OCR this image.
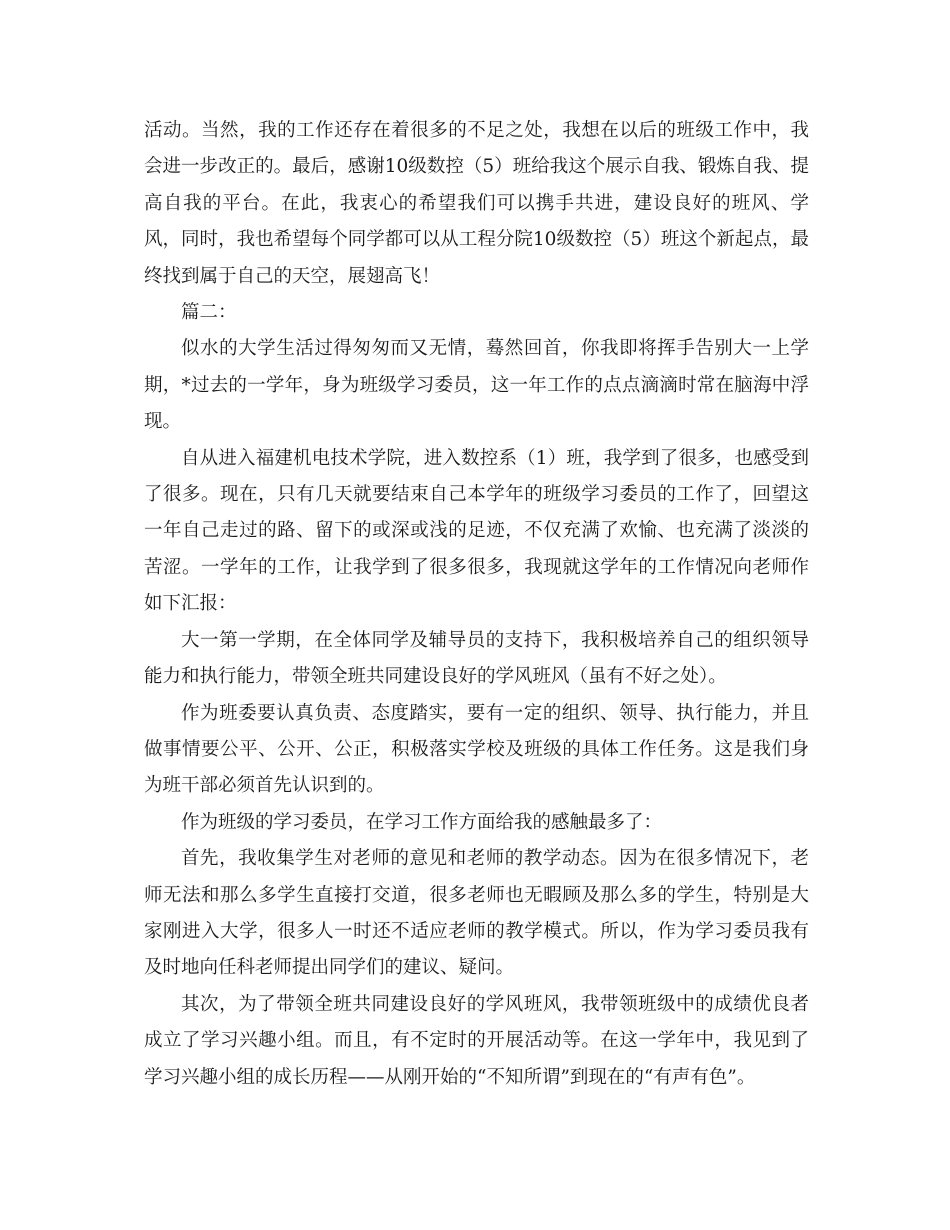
活动。当然，我的工作还存在着很多的不足之处，我想在以后的班级工作中，我会进一步改正的。最后，感谢10级数控（5）班给我这个展示自我、锻炼自我、提高自我的平台。在此，我衷心的希望我们可以携手共进，建设良好的班风、学风，同时，我也希望每个同学都可以从工程分院10级数控（5）班这个新起点，最终找到属于自己的天空，展翅高飞！

篇二：

似水的大学生活过得匆匆而又无情，蓦然回首，你我即将挥手告别大一上学期，*过去的一学年，身为班级学习委员，这一年工作的点点滴滴时常在脑海中浮现。

自从进入福建机电技术学院，进入数控系（1）班，我学到了很多，也感受到了很多。现在，只有几天就要结束自己本学年的班级学习委员的工作了，回望这一年自己走过的路、留下的或深或浅的足迹，不仅充满了欢愉、也充满了淡淡的苦涩。一学年的工作，让我学到了很多很多，我现就这学年的工作情况向老师作如下汇报：

大一第一学期，在全体同学及辅导员的支持下，我积极培养自己的组织领导能力和执行能力，带领全班共同建设良好的学风班风（虽有不好之处）。

作为班委要认真负责、态度踏实，要有一定的组织、领导、执行能力，并且做事情要公平、公开、公正，积极落实学校及班级的具体工作任务。这是我们身为班干部必须首先认识到的。

作为班级的学习委员，在学习工作方面给我的感触最多了：

首先，我收集学生对老师的意见和老师的教学动态。因为在很多情况下，老师无法和那么多学生直接打交道，很多老师也无暇顾及那么多的学生，特别是大家刚进入大学，很多人一时还不适应老师的教学模式。所以，作为学习委员我有及时地向任科老师提出同学们的建议、疑问。

其次，为了带领全班共同建设良好的学风班风，我带领班级中的成绩优良者成立了学习兴趣小组。而且，有不定时的开展活动等。在这一学年中，我见到了学习兴趣小组的成长历程——从刚开始的“不知所谓”到现在的“有声有色”。
